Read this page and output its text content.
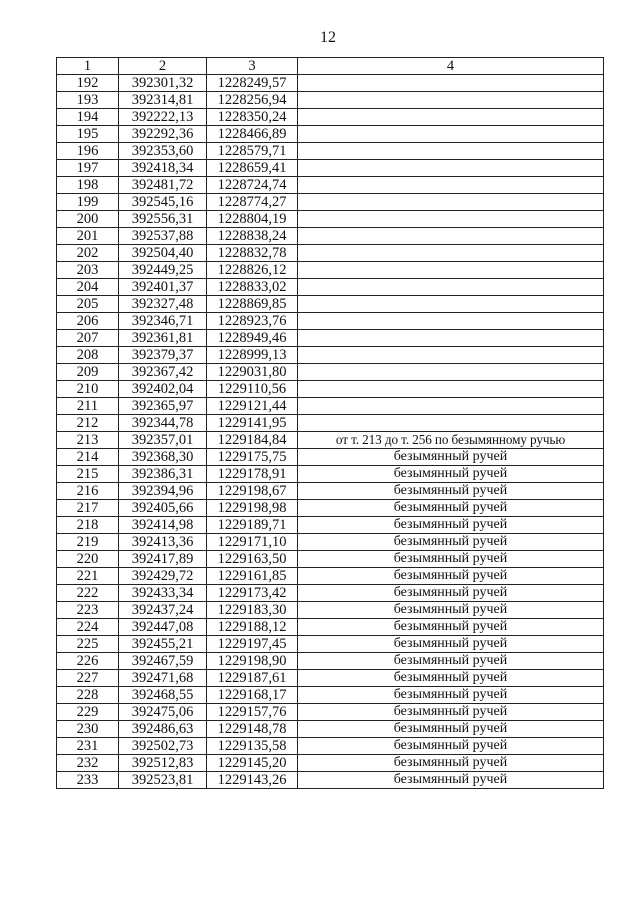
12
1	2	3	4
192	392301,32	1228249,57	
193	392314,81	1228256,94	
194	392222,13	1228350,24	
195	392292,36	1228466,89	
196	392353,60	1228579,71	
197	392418,34	1228659,41	
198	392481,72	1228724,74	
199	392545,16	1228774,27	
200	392556,31	1228804,19	
201	392537,88	1228838,24	
202	392504,40	1228832,78	
203	392449,25	1228826,12	
204	392401,37	1228833,02	
205	392327,48	1228869,85	
206	392346,71	1228923,76	
207	392361,81	1228949,46	
208	392379,37	1228999,13	
209	392367,42	1229031,80	
210	392402,04	1229110,56	
211	392365,97	1229121,44	
212	392344,78	1229141,95	
213	392357,01	1229184,84	от т. 213 до т. 256 по безымянному ручью
214	392368,30	1229175,75	безымянный ручей
215	392386,31	1229178,91	безымянный ручей
216	392394,96	1229198,67	безымянный ручей
217	392405,66	1229198,98	безымянный ручей
218	392414,98	1229189,71	безымянный ручей
219	392413,36	1229171,10	безымянный ручей
220	392417,89	1229163,50	безымянный ручей
221	392429,72	1229161,85	безымянный ручей
222	392433,34	1229173,42	безымянный ручей
223	392437,24	1229183,30	безымянный ручей
224	392447,08	1229188,12	безымянный ручей
225	392455,21	1229197,45	безымянный ручей
226	392467,59	1229198,90	безымянный ручей
227	392471,68	1229187,61	безымянный ручей
228	392468,55	1229168,17	безымянный ручей
229	392475,06	1229157,76	безымянный ручей
230	392486,63	1229148,78	безымянный ручей
231	392502,73	1229135,58	безымянный ручей
232	392512,83	1229145,20	безымянный ручей
233	392523,81	1229143,26	безымянный ручей
